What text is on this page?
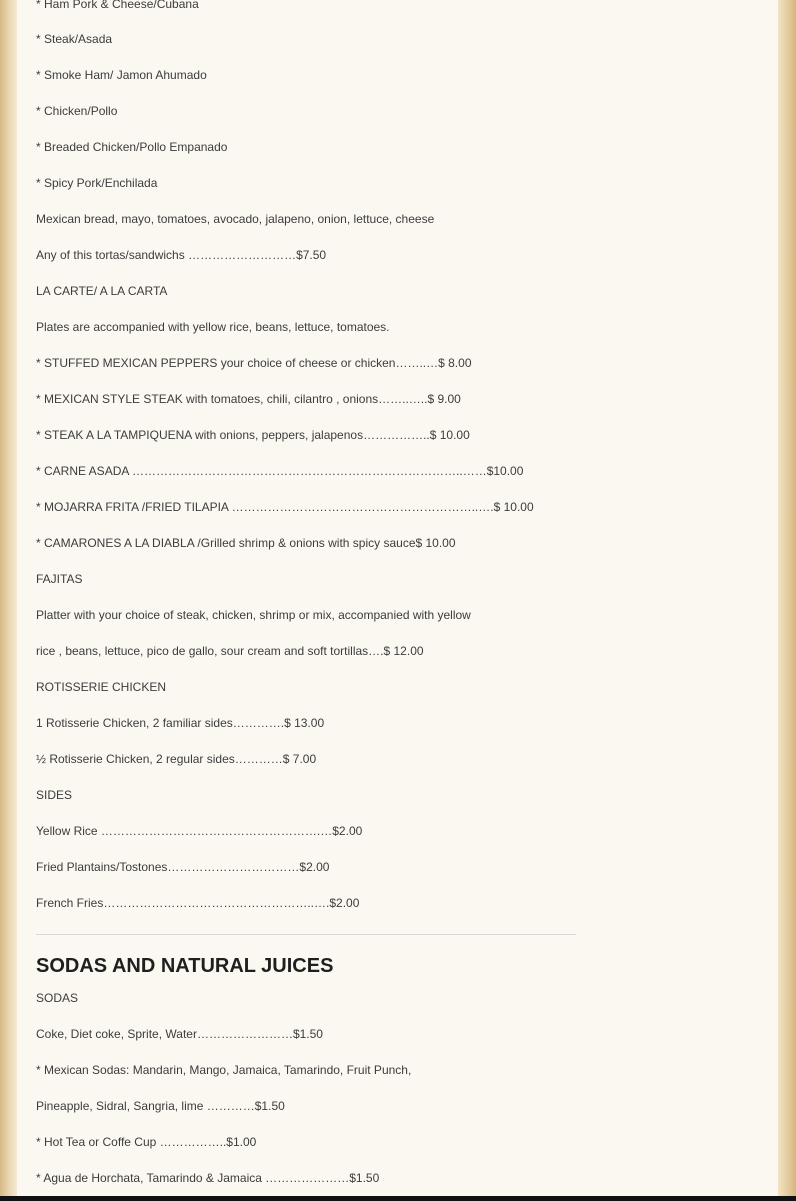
* Ham Pork & Cheese/Cubana

* Steak/Asada

* Smoke Ham/ Jamon Ahumado

* Chicken/Pollo

* Breaded Chicken/Pollo Empanado

* Spicy Pork/Enchilada

Mexican bread, mayo, tomatoes, avocado, jalapeno, onion, lettuce, cheese

Any of this tortas/sandwichs ………………………$7.50

LA CARTE/ A LA CARTA

Plates are accompanied with yellow rice, beans, lettuce, tomatoes.

* STUFFED MEXICAN PEPPERS your choice of cheese or chicken……..…$ 8.00

* MEXICAN STYLE STEAK with tomatoes, chili, cilantro , onions……..…..$ 9.00

* STEAK A LA TAMPIQUENA with onions, peppers, jalapenos……………..$ 10.00

* CARNE ASADA ………………………………………………………………………..……$10.00

* MOJARRA FRITA /FRIED TILAPIA ……………………………………………………..….$ 10.00

* CAMARONES A LA DIABLA /Grilled shrimp & onions with spicy sauce$ 10.00

FAJITAS

Platter with your choice of steak, chicken, shrimp or mix, accompanied with yellow

rice , beans, lettuce, pico de gallo, sour cream and soft tortillas….$ 12.00

ROTISSERIE CHICKEN

1 Rotisserie Chicken, 2 familiar sides………….$ 13.00

½ Rotisserie Chicken, 2 regular sides…………$ 7.00

SIDES

Yellow Rice ……………………………………………….…$2.00

Fried Plantains/Tostones……………………………$2.00

French Fries……………………………………………..….$2.00

SODAS AND NATURAL JUICES

SODAS

Coke, Diet coke, Sprite, Water……………………$1.50

* Mexican Sodas: Mandarin, Mango, Jamaica, Tamarindo, Fruit Punch,

Pineapple, Sidral, Sangria, lime …………$1.50

* Hot Tea or Coffe Cup ……………..$1.00

* Agua de Horchata, Tamarindo & Jamaica …………………$1.50
